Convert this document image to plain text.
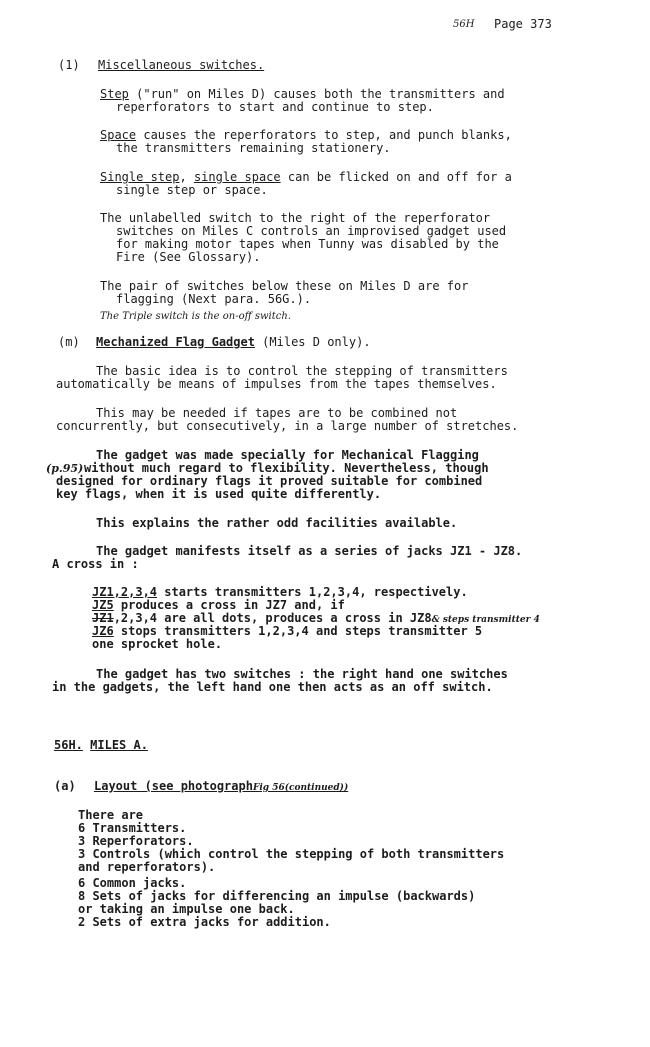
56H Page 373
(1) Miscellaneous switches.
Step ("run" on Miles D) causes both the transmitters and
reperforators to start and continue to step.
Space causes the reperforators to step, and punch blanks,
the transmitters remaining stationery.
Single step, single space can be flicked on and off for a
single step or space.
The unlabelled switch to the right of the reperforator
switches on Miles C controls an improvised gadget used
for making motor tapes when Tunny was disabled by the
Fire (See Glossary).
The pair of switches below these on Miles D are for
flagging (Next para. 56G.).
The Triple switch is the on-off switch.
(m) Mechanized Flag Gadget (Miles D only).
The basic idea is to control the stepping of transmitters
automatically be means of impulses from the tapes themselves.
This may be needed if tapes are to be combined not
concurrently, but consecutively, in a large number of stretches.
The gadget was made specially for Mechanical Flagging
(p.95) without much regard to flexibility. Nevertheless, though
designed for ordinary flags it proved suitable for combined
key flags, when it is used quite differently.
This explains the rather odd facilities available.
The gadget manifests itself as a series of jacks JZ1 - JZ8.
A cross in :
JZ1,2,3,4 starts transmitters 1,2,3,4, respectively.
JZ5 produces a cross in JZ7 and, if
JZ1,2,3,4 are all dots, produces a cross in JZ8& steps transmitter 4
JZ6 stops transmitters 1,2,3,4 and steps transmitter 5
one sprocket hole.
The gadget has two switches : the right hand one switches
in the gadgets, the left hand one then acts as an off switch.
56H. MILES A.
(a) Layout (see photographFig 56(continued))
There are
6 Transmitters.
3 Reperforators.
3 Controls (which control the stepping of both transmitters
and reperforators).
6 Common jacks.
8 Sets of jacks for differencing an impulse (backwards)
or taking an impulse one back.
2 Sets of extra jacks for addition.
